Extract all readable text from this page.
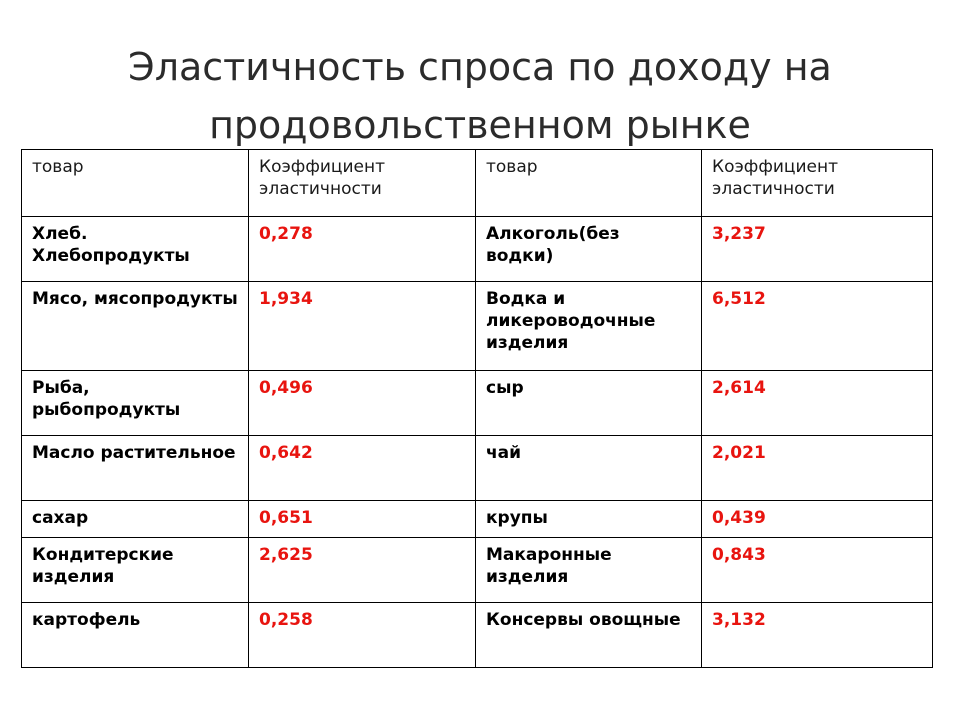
Эластичность спроса по доходу на
продовольственном рынке
товар	Коэффициент эластичности	товар	Коэффициент эластичности
Хлеб. Хлебопродукты	0,278	Алкоголь(без водки)	3,237
Мясо, мясопродукты	1,934	Водка и ликероводочные изделия	6,512
Рыба, рыбопродукты	0,496	сыр	2,614
Масло растительное	0,642	чай	2,021
сахар	0,651	крупы	0,439
Кондитерские изделия	2,625	Макаронные изделия	0,843
картофель	0,258	Консервы овощные	3,132
